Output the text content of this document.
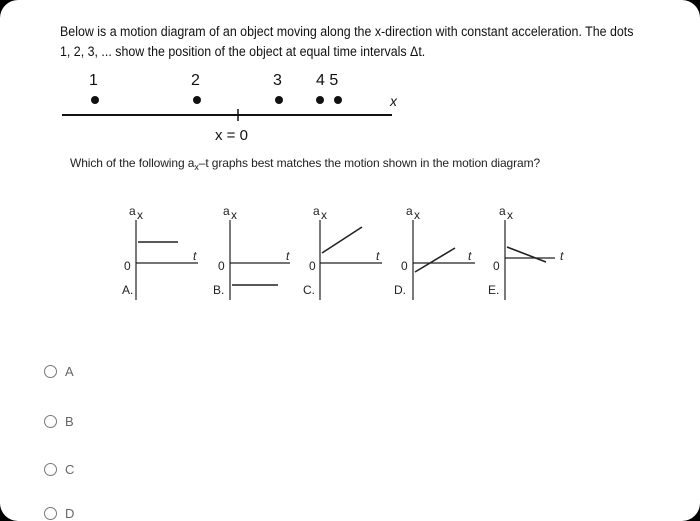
Below is a motion diagram of an object moving along the x-direction with constant acceleration. The dots
1, 2, 3, ... show the position of the object at equal time intervals Δt.
1	2	3 4 5
x
x = 0
Which of the following $a_x-t$ graphs best matches the motion shown in the motion diagram?
a x
t
0
A.
a x
t
0
B.
a x
t
0
C.
a x
t
0
D.
a x
t
0
E.
A
B
C
D
